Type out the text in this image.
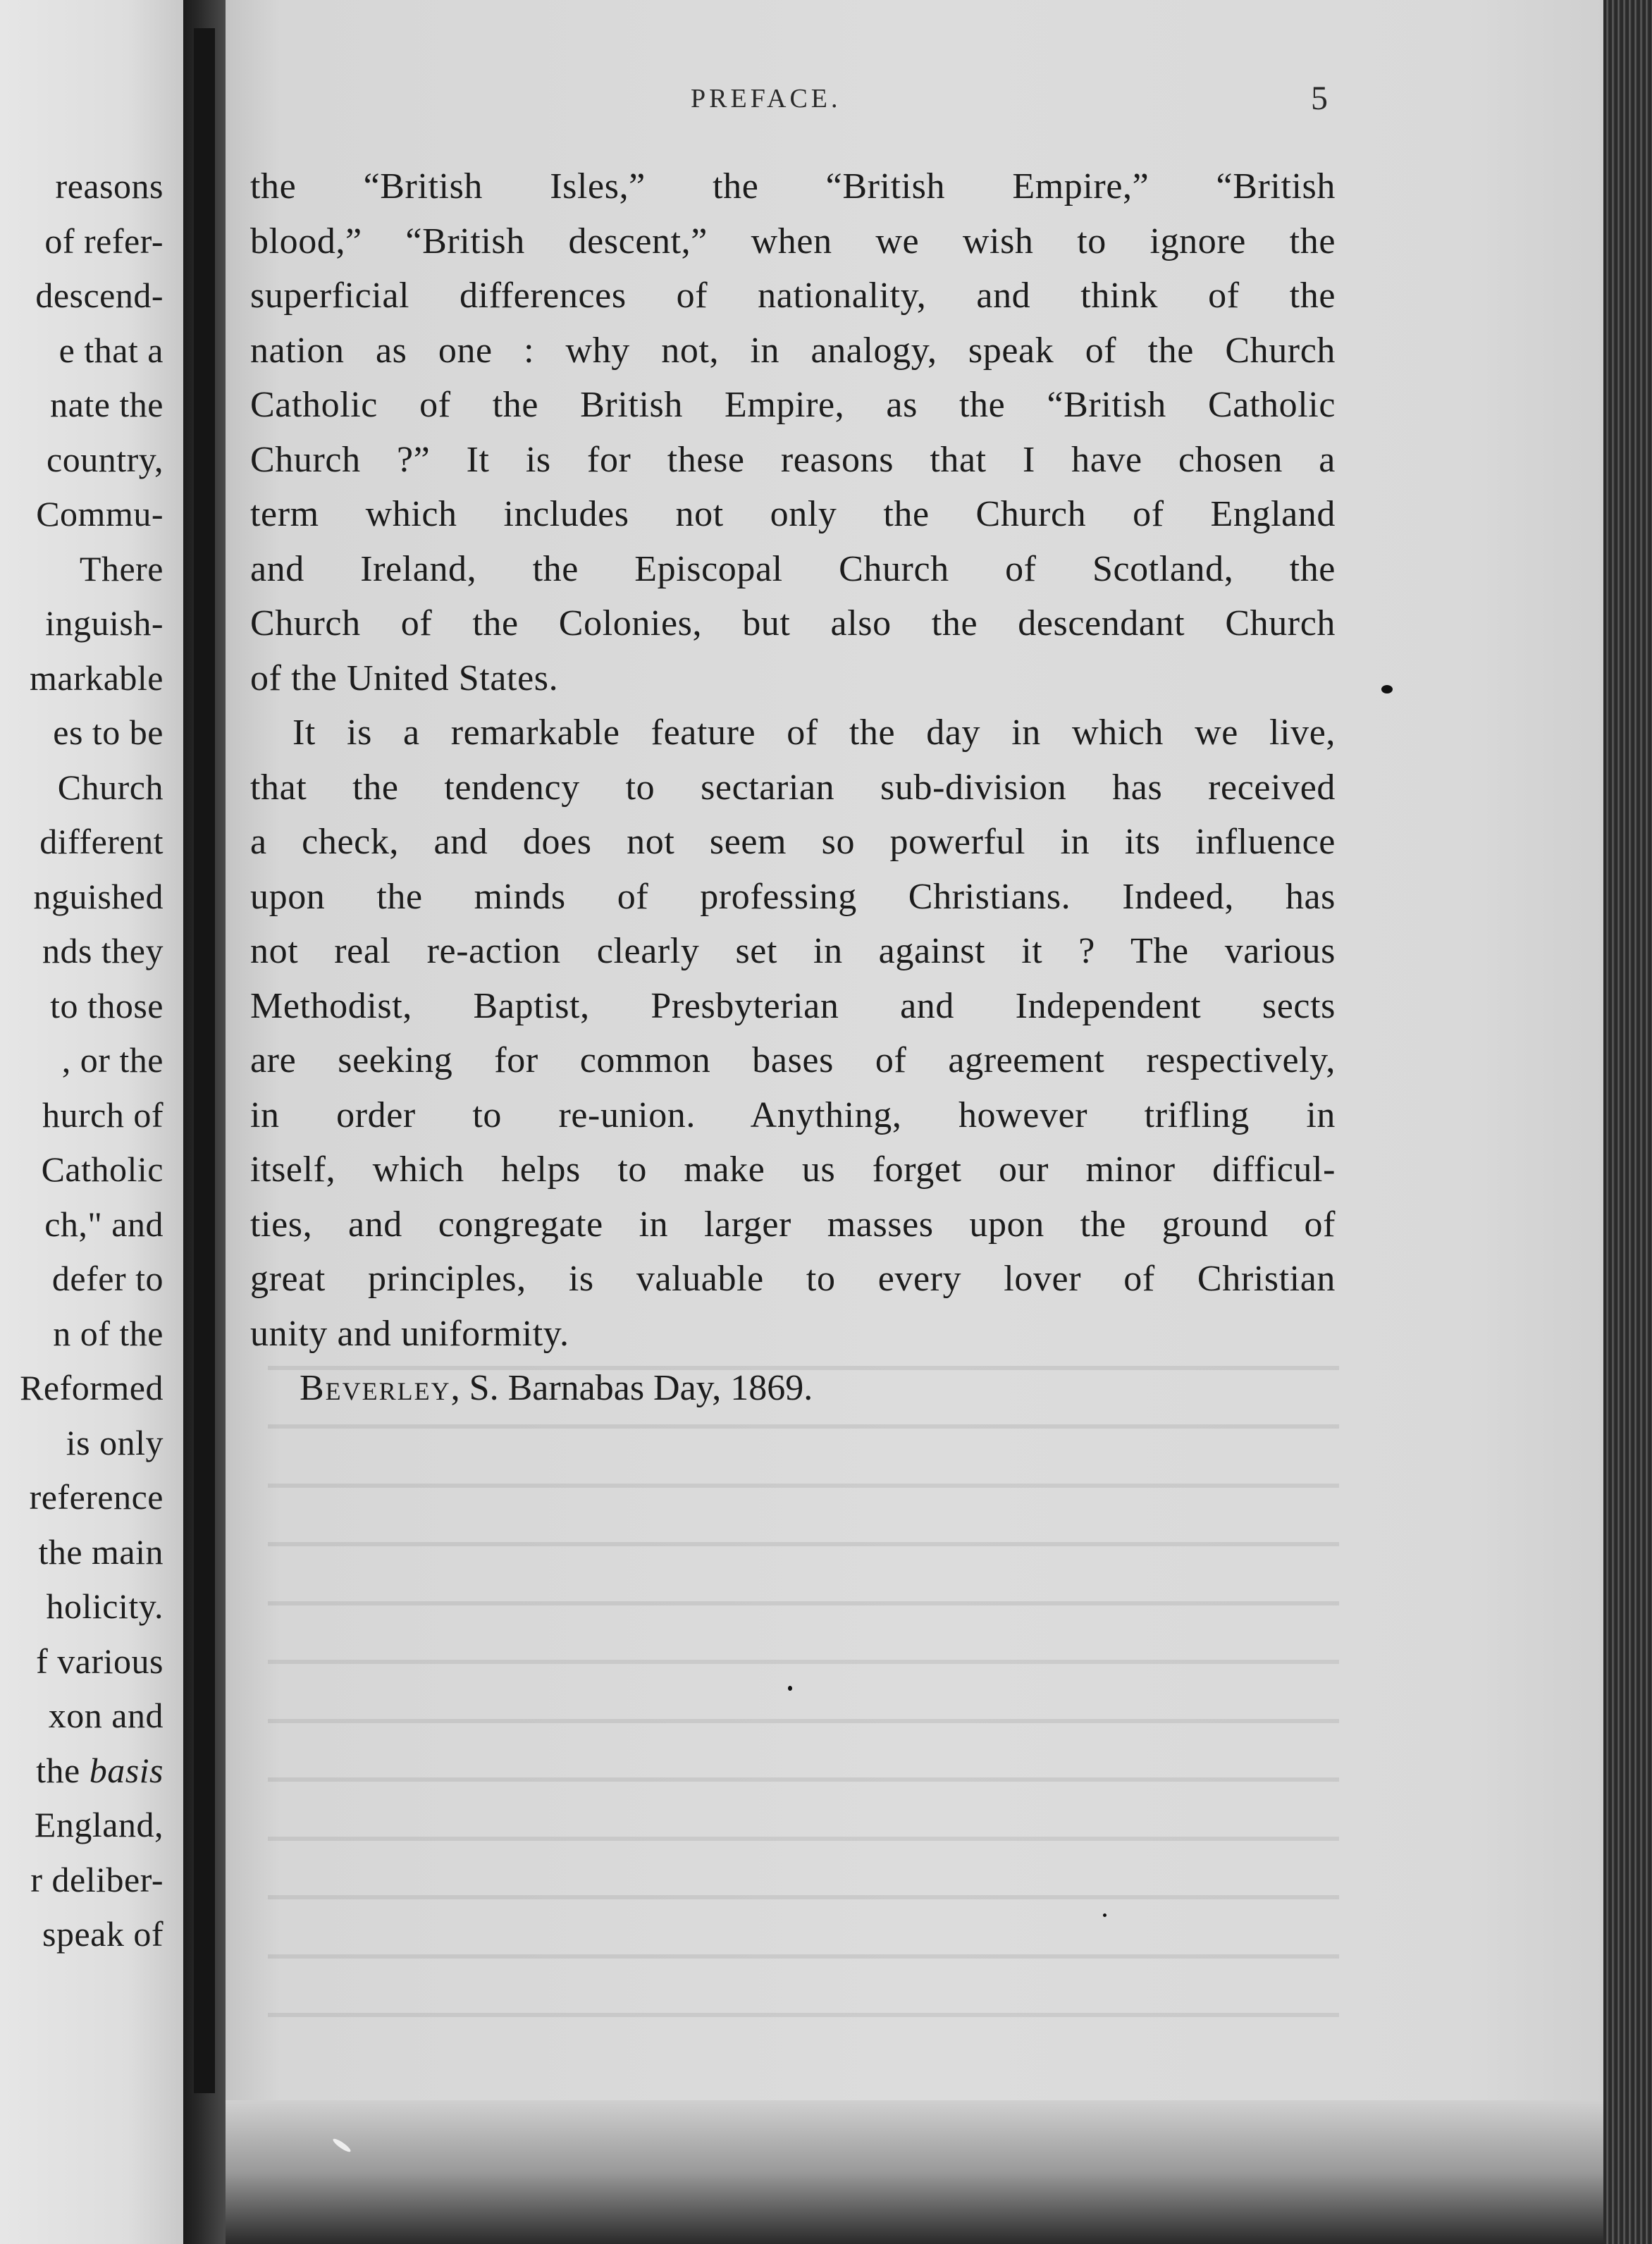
reasons
of refer-
descend-
e that a
nate the
country,
Commu-
There
inguish-
markable
es to be
Church
different
nguished
nds they
to those
, or the
hurch of
Catholic
ch," and
defer to
n of the
Reformed
is only
reference
the main
holicity.
f various
xon and
the basis
England,
r deliber-
speak of
PREFACE.	5
the “British Isles,” the “British Empire,” “British
blood,” “British descent,” when we wish to ignore the
superficial differences of nationality, and think of the
nation as one : why not, in analogy, speak of the Church
Catholic of the British Empire, as the “British Catholic
Church ?” It is for these reasons that I have chosen a
term which includes not only the Church of England
and Ireland, the Episcopal Church of Scotland, the
Church of the Colonies, but also the descendant Church
of the United States.
It is a remarkable feature of the day in which we live,
that the tendency to sectarian sub-division has received
a check, and does not seem so powerful in its influence
upon the minds of professing Christians. Indeed, has
not real re-action clearly set in against it ? The various
Methodist, Baptist, Presbyterian and Independent sects
are seeking for common bases of agreement respectively,
in order to re-union. Anything, however trifling in
itself, which helps to make us forget our minor difficul-
ties, and congregate in larger masses upon the ground of
great principles, is valuable to every lover of Christian
unity and uniformity.
Beverley, S. Barnabas Day, 1869.
